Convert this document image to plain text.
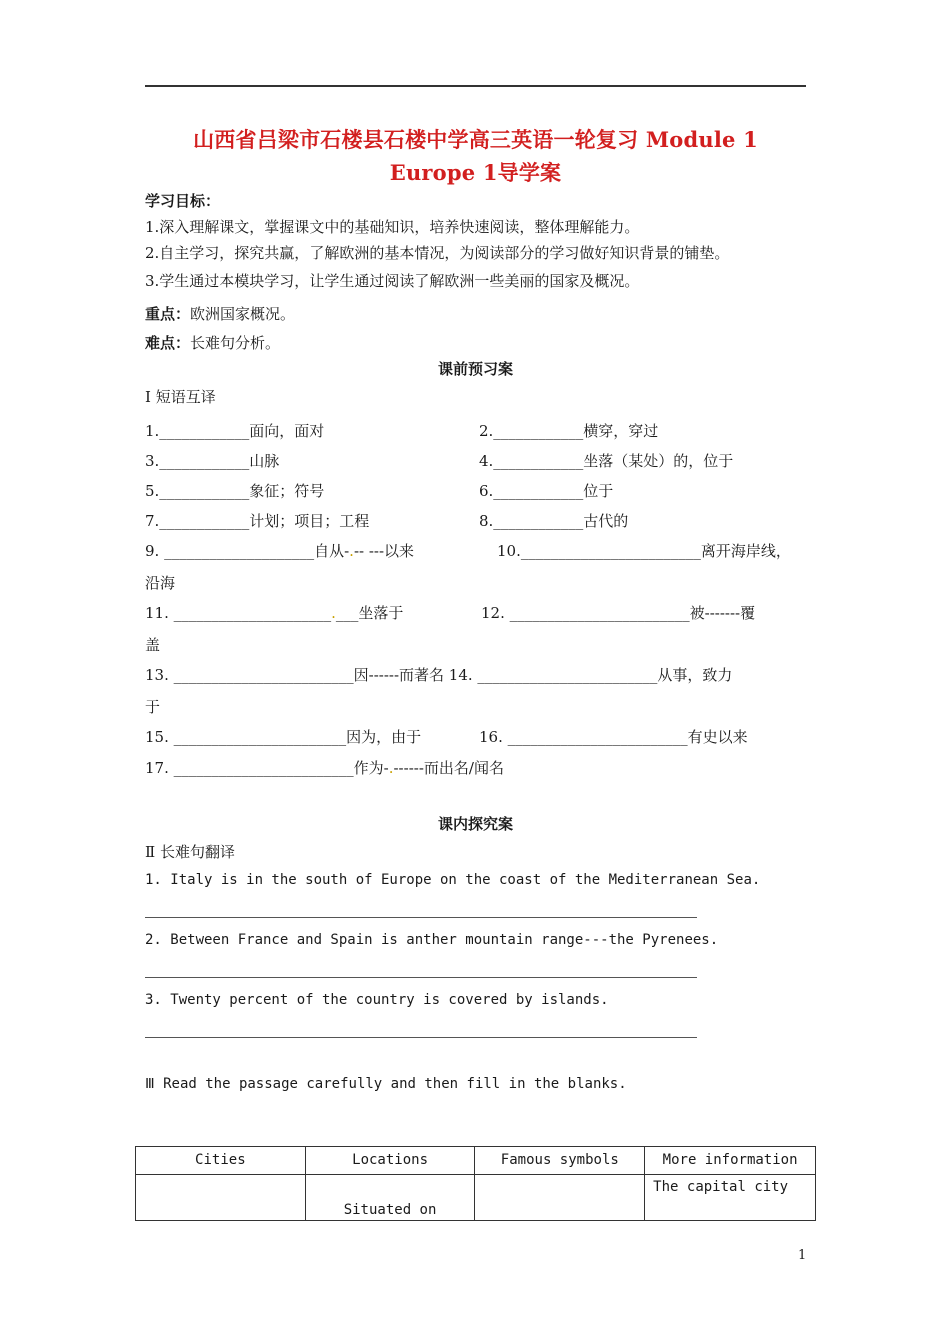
山西省吕梁市石楼县石楼中学高三英语一轮复习 Module 1
Europe 1导学案
学习目标：
1.深入理解课文，掌握课文中的基础知识，培养快速阅读，整体理解能力。
2.自主学习，探究共赢，了解欧洲的基本情况，为阅读部分的学习做好知识背景的铺垫。
3.学生通过本模块学习，让学生通过阅读了解欧洲一些美丽的国家及概况。
重点：欧洲国家概况。
难点：长难句分析。
课前预习案
Ⅰ 短语互译
1.____________面向，面对	2.____________横穿，穿过
3.____________山脉	4.____________坐落（某处）的，位于
5.____________象征；符号	6.____________位于
7.____________计划；项目；工程	8.____________古代的
9. ____________________自从-.-- ---以来	10.________________________离开海岸线，
沿海
11. _____________________.___坐落于	12. ________________________被-------覆
盖
13. ________________________因------而著名 14. ________________________从事，致力
于
15. _______________________因为，由于	16. ________________________有史以来
17. ________________________作为-.------而出名/闻名
课内探究案
Ⅱ 长难句翻译
1. Italy is in the south of Europe on the coast of the Mediterranean Sea.
2. Between France and Spain is anther mountain range---the Pyrenees.
3. Twenty percent of the country is covered by islands.
Ⅲ Read the passage carefully and then fill in the blanks.
Cities	Locations	Famous symbols	More information
	Situated on		The capital city
1
